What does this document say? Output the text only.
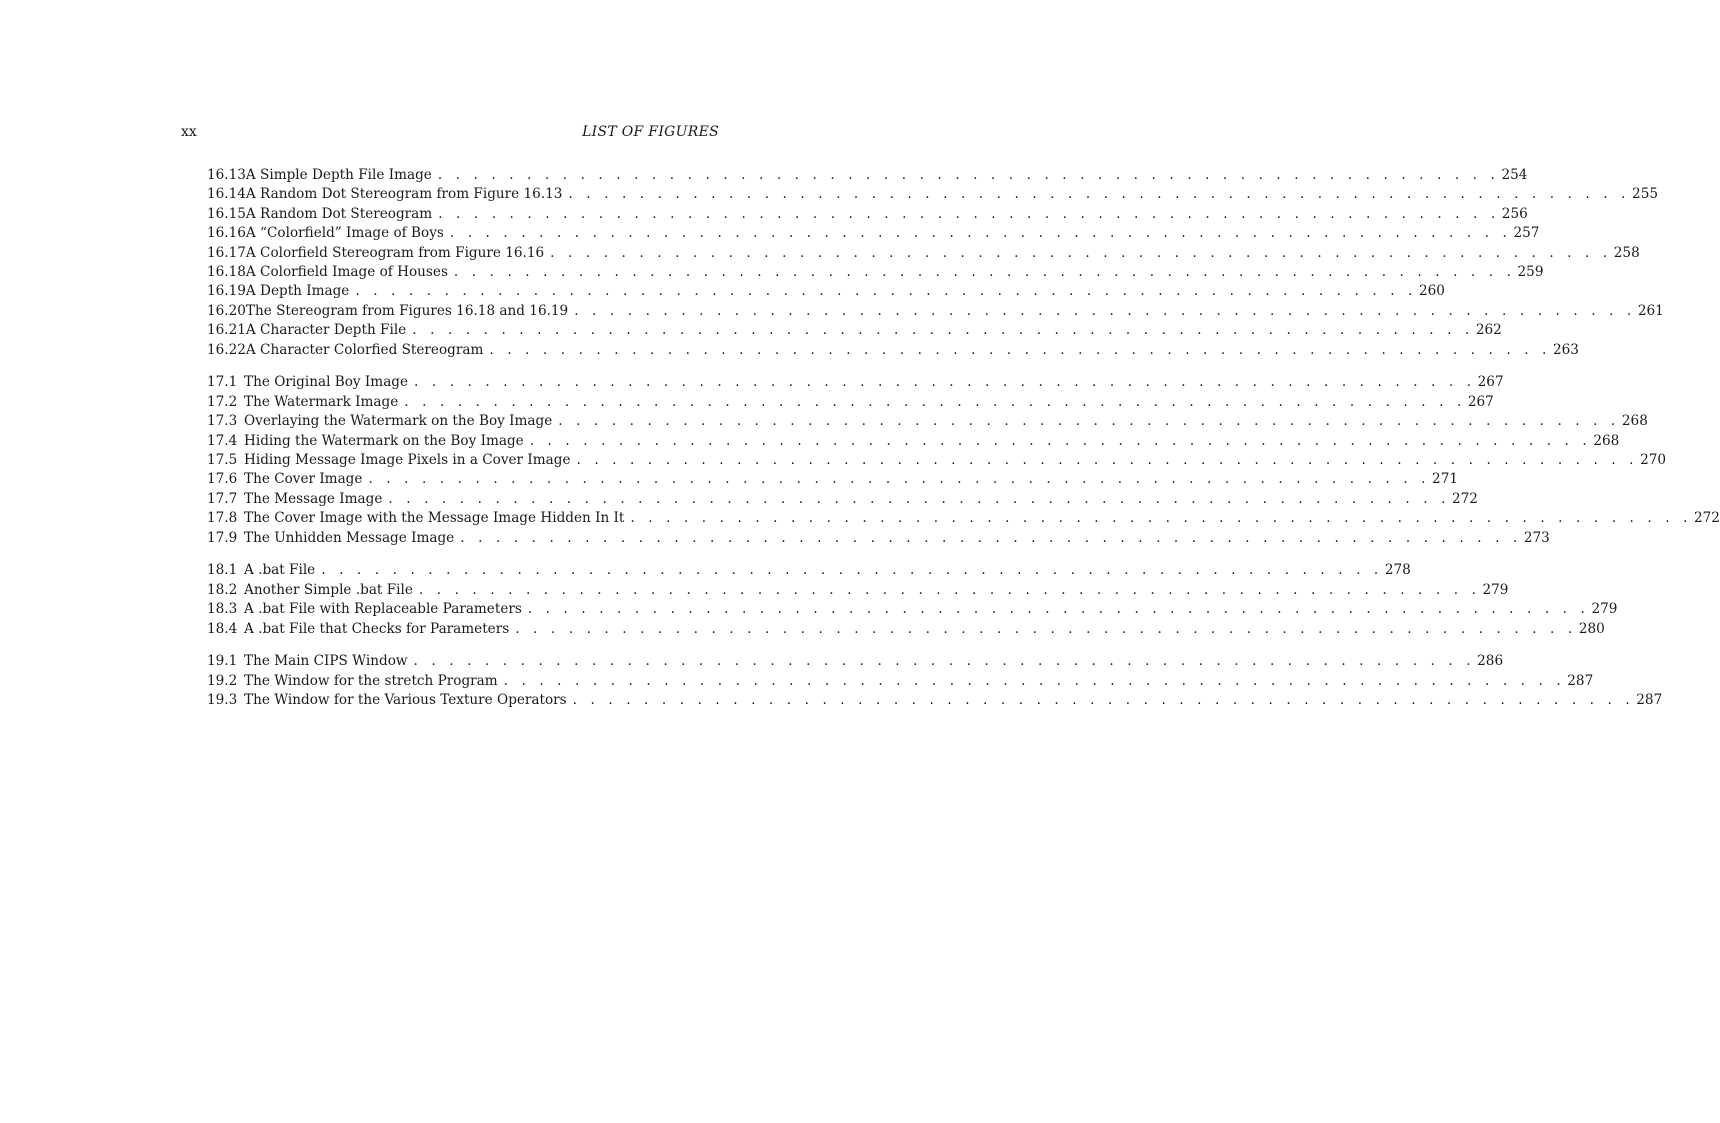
xx	LIST OF FIGURES
16.13 A Simple Depth File Image . . . . . . . . . . . . . . . . . . . . . . . . . . . . . . . . . . . . . . . . . . . . . . . . . . . . . . . . . . . . 254
16.14 A Random Dot Stereogram from Figure 16.13 . . . . . . . . . . . . . . . . . . . . . . . . . . . . . . . . . . . . . . . . . . . . . . . . . . . . . . . . . . . . 255
16.15 A Random Dot Stereogram . . . . . . . . . . . . . . . . . . . . . . . . . . . . . . . . . . . . . . . . . . . . . . . . . . . . . . . . . . . . 256
16.16 A “Colorfield” Image of Boys . . . . . . . . . . . . . . . . . . . . . . . . . . . . . . . . . . . . . . . . . . . . . . . . . . . . . . . . . . . . 257
16.17 A Colorfield Stereogram from Figure 16.16 . . . . . . . . . . . . . . . . . . . . . . . . . . . . . . . . . . . . . . . . . . . . . . . . . . . . . . . . . . . . 258
16.18 A Colorfield Image of Houses . . . . . . . . . . . . . . . . . . . . . . . . . . . . . . . . . . . . . . . . . . . . . . . . . . . . . . . . . . . . 259
16.19 A Depth Image . . . . . . . . . . . . . . . . . . . . . . . . . . . . . . . . . . . . . . . . . . . . . . . . . . . . . . . . . . . . 260
16.20 The Stereogram from Figures 16.18 and 16.19 . . . . . . . . . . . . . . . . . . . . . . . . . . . . . . . . . . . . . . . . . . . . . . . . . . . . . . . . . . . . 261
16.21 A Character Depth File . . . . . . . . . . . . . . . . . . . . . . . . . . . . . . . . . . . . . . . . . . . . . . . . . . . . . . . . . . . . 262
16.22 A Character Colorfied Stereogram . . . . . . . . . . . . . . . . . . . . . . . . . . . . . . . . . . . . . . . . . . . . . . . . . . . . . . . . . . . . 263
17.1 The Original Boy Image . . . . . . . . . . . . . . . . . . . . . . . . . . . . . . . . . . . . . . . . . . . . . . . . . . . . . . . . . . . . 267
17.2 The Watermark Image . . . . . . . . . . . . . . . . . . . . . . . . . . . . . . . . . . . . . . . . . . . . . . . . . . . . . . . . . . . . 267
17.3 Overlaying the Watermark on the Boy Image . . . . . . . . . . . . . . . . . . . . . . . . . . . . . . . . . . . . . . . . . . . . . . . . . . . . . . . . . . . . 268
17.4 Hiding the Watermark on the Boy Image . . . . . . . . . . . . . . . . . . . . . . . . . . . . . . . . . . . . . . . . . . . . . . . . . . . . . . . . . . . . 268
17.5 Hiding Message Image Pixels in a Cover Image . . . . . . . . . . . . . . . . . . . . . . . . . . . . . . . . . . . . . . . . . . . . . . . . . . . . . . . . . . . . 270
17.6 The Cover Image . . . . . . . . . . . . . . . . . . . . . . . . . . . . . . . . . . . . . . . . . . . . . . . . . . . . . . . . . . . . 271
17.7 The Message Image . . . . . . . . . . . . . . . . . . . . . . . . . . . . . . . . . . . . . . . . . . . . . . . . . . . . . . . . . . . . 272
17.8 The Cover Image with the Message Image Hidden In It . . . . . . . . . . . . . . . . . . . . . . . . . . . . . . . . . . . . . . . . . . . . . . . . . . . . . . . . . . . . 272
17.9 The Unhidden Message Image . . . . . . . . . . . . . . . . . . . . . . . . . . . . . . . . . . . . . . . . . . . . . . . . . . . . . . . . . . . . 273
18.1 A .bat File . . . . . . . . . . . . . . . . . . . . . . . . . . . . . . . . . . . . . . . . . . . . . . . . . . . . . . . . . . . . 278
18.2 Another Simple .bat File . . . . . . . . . . . . . . . . . . . . . . . . . . . . . . . . . . . . . . . . . . . . . . . . . . . . . . . . . . . . 279
18.3 A .bat File with Replaceable Parameters . . . . . . . . . . . . . . . . . . . . . . . . . . . . . . . . . . . . . . . . . . . . . . . . . . . . . . . . . . . . 279
18.4 A .bat File that Checks for Parameters . . . . . . . . . . . . . . . . . . . . . . . . . . . . . . . . . . . . . . . . . . . . . . . . . . . . . . . . . . . . 280
19.1 The Main CIPS Window . . . . . . . . . . . . . . . . . . . . . . . . . . . . . . . . . . . . . . . . . . . . . . . . . . . . . . . . . . . . 286
19.2 The Window for the stretch Program . . . . . . . . . . . . . . . . . . . . . . . . . . . . . . . . . . . . . . . . . . . . . . . . . . . . . . . . . . . . 287
19.3 The Window for the Various Texture Operators . . . . . . . . . . . . . . . . . . . . . . . . . . . . . . . . . . . . . . . . . . . . . . . . . . . . . . . . . . . . 287
